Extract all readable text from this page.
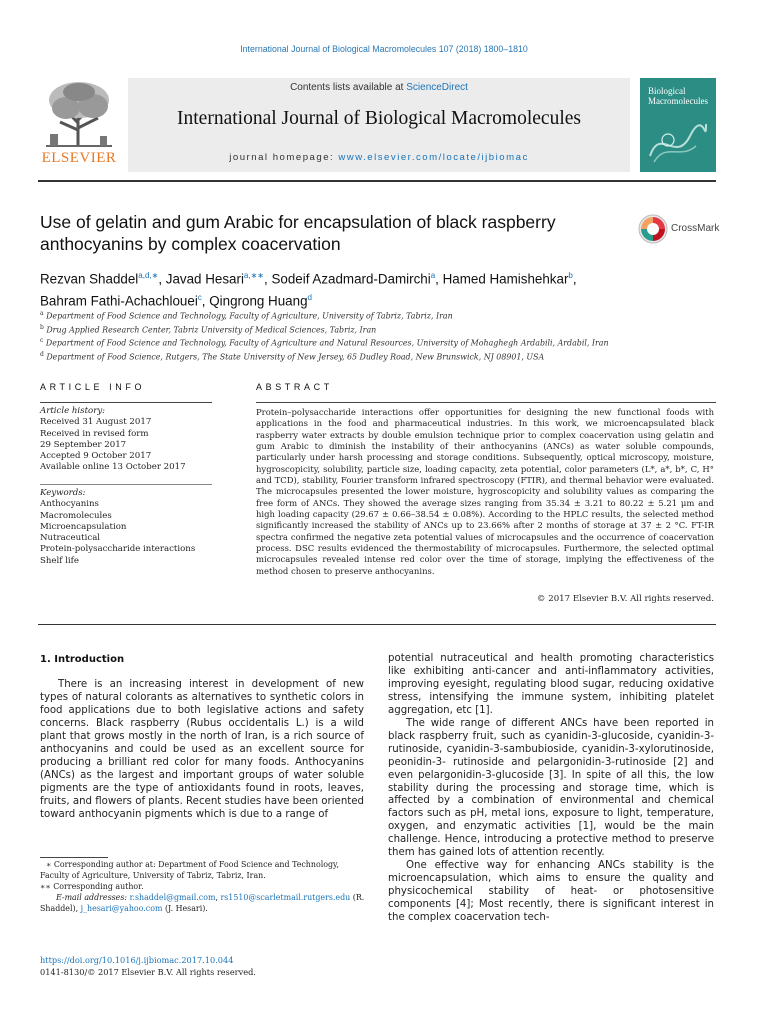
International Journal of Biological Macromolecules 107 (2018) 1800–1810
ELSEVIER
Contents lists available at ScienceDirect
International Journal of Biological Macromolecules
journal homepage: www.elsevier.com/locate/ijbiomac
Biological
Macromolecules
Use of gelatin and gum Arabic for encapsulation of black raspberry anthocyanins by complex coacervation
CrossMark
Rezvan Shaddel$^{a,d,∗}$, Javad Hesari$^{a,∗∗}$, Sodeif Azadmard-Damirchi$^a$, Hamed Hamishehkar$^b$,
Bahram Fathi-Achachlouei$^c$, Qingrong Huang$^d$
$^a$ Department of Food Science and Technology, Faculty of Agriculture, University of Tabriz, Tabriz, Iran
$^b$ Drug Applied Research Center, Tabriz University of Medical Sciences, Tabriz, Iran
$^c$ Department of Food Science and Technology, Faculty of Agriculture and Natural Resources, University of Mohaghegh Ardabili, Ardabil, Iran
$^d$ Department of Food Science, Rutgers, The State University of New Jersey, 65 Dudley Road, New Brunswick, NJ 08901, USA
ARTICLE INFO
Article history:
Received 31 August 2017
Received in revised form
29 September 2017
Accepted 9 October 2017
Available online 13 October 2017
Keywords:
Anthocyanins
Macromolecules
Microencapsulation
Nutraceutical
Protein-polysaccharide interactions
Shelf life
ABSTRACT
Protein–polysaccharide interactions offer opportunities for designing the new functional foods with applications in the food and pharmaceutical industries. In this work, we microencapsulated black raspberry water extracts by double emulsion technique prior to complex coacervation using gelatin and gum Arabic to diminish the instability of their anthocyanins (ANCs) as water soluble compounds, particularly under harsh processing and storage conditions. Subsequently, optical microscopy, moisture, hygroscopicity, solubility, particle size, loading capacity, zeta potential, color parameters (L*, a*, b*, C, H° and TCD), stability, Fourier transform infrared spectroscopy (FTIR), and thermal behavior were evaluated. The microcapsules presented the lower moisture, hygroscopicity and solubility values as comparing the free form of ANCs. They showed the average sizes ranging from 35.34 ± 3.21 to 80.22 ± 5.21 μm and high loading capacity (29.67 ± 0.66–38.54 ± 0.08%). According to the HPLC results, the selected method significantly increased the stability of ANCs up to 23.66% after 2 months of storage at 37 ± 2 °C. FT-IR spectra confirmed the negative zeta potential values of microcapsules and the occurrence of coacervation process. DSC results evidenced the thermostability of microcapsules. Furthermore, the selected optimal microcapsules revealed intense red color over the time of storage, implying the effectiveness of the method chosen to preserve anthocyanins.
© 2017 Elsevier B.V. All rights reserved.
1. Introduction

There is an increasing interest in development of new types of natural colorants as alternatives to synthetic colors in food applications due to both legislative actions and safety concerns. Black raspberry (Rubus occidentalis L.) is a wild plant that grows mostly in the north of Iran, is a rich source of anthocyanins and could be used as an excellent source for producing a brilliant red color for many foods. Anthocyanins (ANCs) as the largest and important groups of water soluble pigments are the type of antioxidants found in roots, leaves, fruits, and flowers of plants. Recent studies have been oriented toward anthocyanin pigments which is due to a range of

potential nutraceutical and health promoting characteristics like exhibiting anti-cancer and anti-inflammatory activities, improving eyesight, regulating blood sugar, reducing oxidative stress, intensifying the immune system, inhibiting platelet aggregation, etc [1].

The wide range of different ANCs have been reported in black raspberry fruit, such as cyanidin-3-glucoside, cyanidin-3-rutinoside, cyanidin-3-sambubioside, cyanidin-3-xylorutinoside, peonidin-3- rutinoside and pelargonidin-3-rutinoside [2] and even pelargonidin-3-glucoside [3]. In spite of all this, the low stability during the processing and storage time, which is affected by a combination of environmental and chemical factors such as pH, metal ions, exposure to light, temperature, oxygen, and enzymatic activities [1], would be the main challenge. Hence, introducing a protective method to preserve them has gained lots of attention recently.

One effective way for enhancing ANCs stability is the microencapsulation, which aims to ensure the quality and physicochemical stability of heat- or photosensitive components [4]; Most recently, there is significant interest in the complex coacervation tech-

∗ Corresponding author at: Department of Food Science and Technology, Faculty of Agriculture, University of Tabriz, Tabriz, Iran.
∗∗ Corresponding author.
E-mail addresses: r.shaddel@gmail.com, rs1510@scarletmail.rutgers.edu (R. Shaddel), j_hesari@yahoo.com (J. Hesari).
https://doi.org/10.1016/j.ijbiomac.2017.10.044
0141-8130/© 2017 Elsevier B.V. All rights reserved.
